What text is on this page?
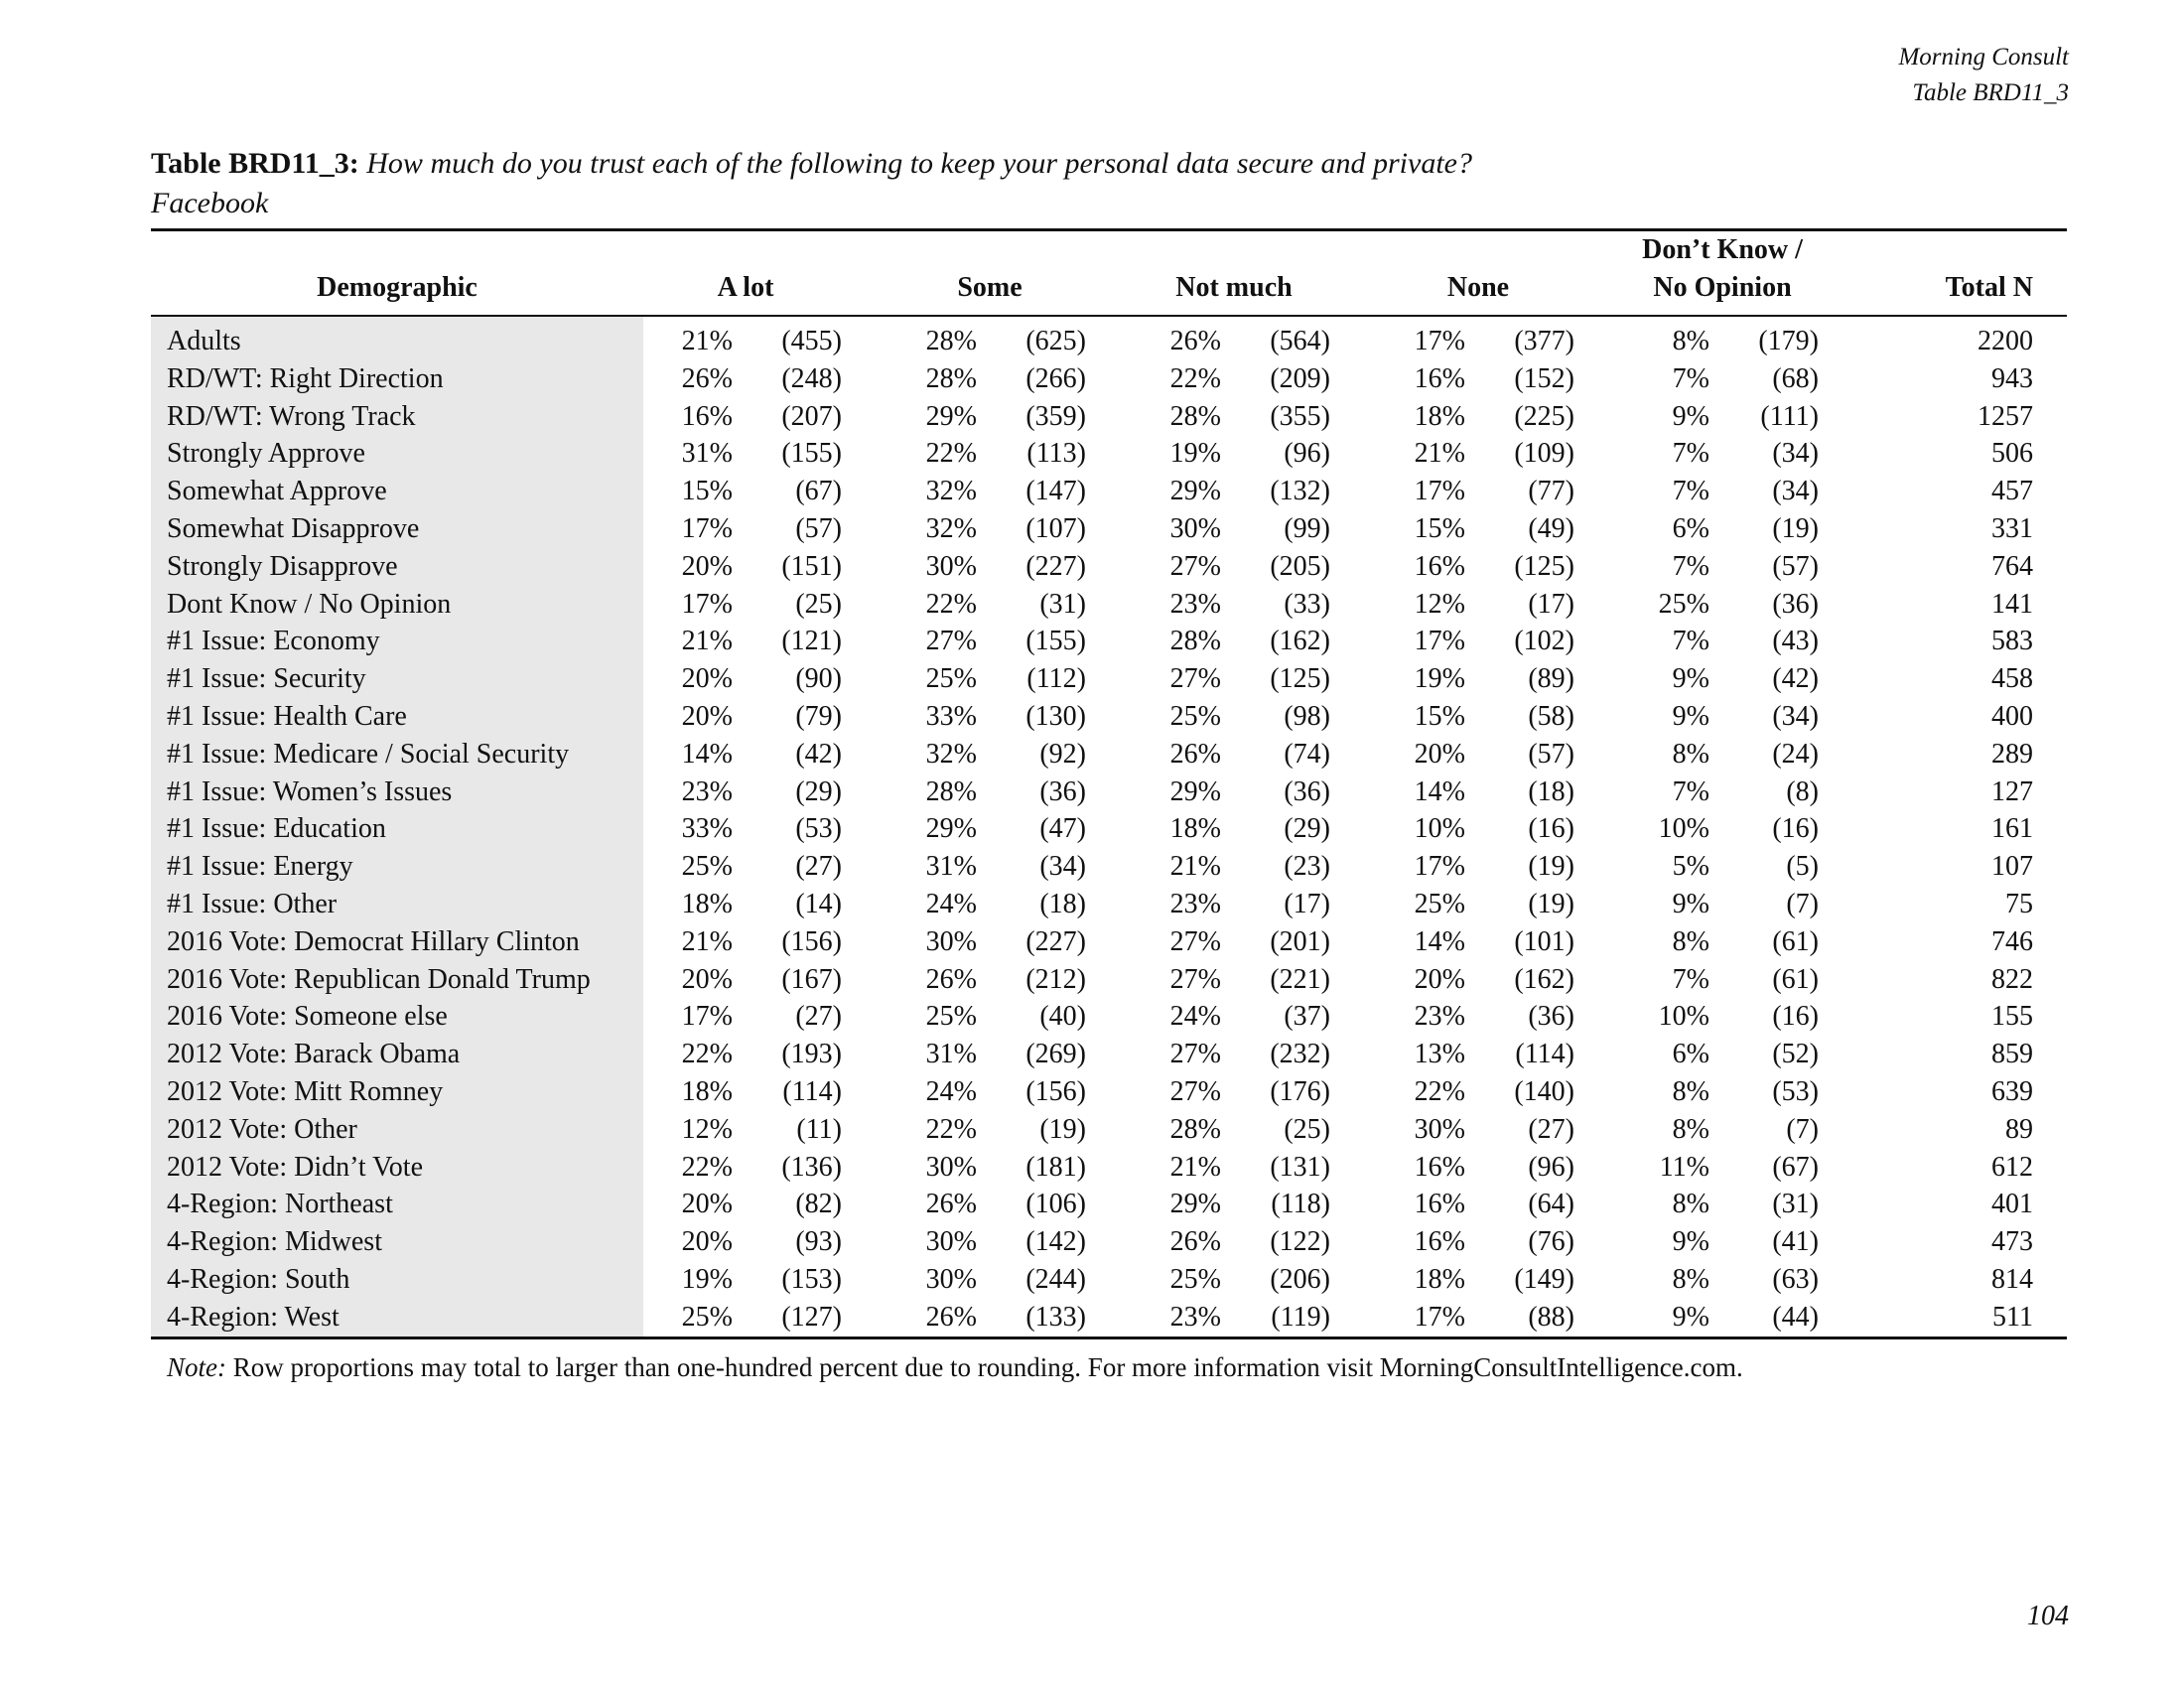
Morning Consult
Table BRD11_3
Table BRD11_3: How much do you trust each of the following to keep your personal data secure and private?
Facebook
Demographic	A lot			Some			Not much			None			Don’t Know /
No Opinion		Total N
Adults	21%	(455)		28%	(625)		26%	(564)		17%	(377)		8%	(179)	2200
RD/WT: Right Direction	26%	(248)		28%	(266)		22%	(209)		16%	(152)		7%	(68)	943
RD/WT: Wrong Track	16%	(207)		29%	(359)		28%	(355)		18%	(225)		9%	(111)	1257
Strongly Approve	31%	(155)		22%	(113)		19%	(96)		21%	(109)		7%	(34)	506
Somewhat Approve	15%	(67)		32%	(147)		29%	(132)		17%	(77)		7%	(34)	457
Somewhat Disapprove	17%	(57)		32%	(107)		30%	(99)		15%	(49)		6%	(19)	331
Strongly Disapprove	20%	(151)		30%	(227)		27%	(205)		16%	(125)		7%	(57)	764
Dont Know / No Opinion	17%	(25)		22%	(31)		23%	(33)		12%	(17)		25%	(36)	141
#1 Issue: Economy	21%	(121)		27%	(155)		28%	(162)		17%	(102)		7%	(43)	583
#1 Issue: Security	20%	(90)		25%	(112)		27%	(125)		19%	(89)		9%	(42)	458
#1 Issue: Health Care	20%	(79)		33%	(130)		25%	(98)		15%	(58)		9%	(34)	400
#1 Issue: Medicare / Social Security	14%	(42)		32%	(92)		26%	(74)		20%	(57)		8%	(24)	289
#1 Issue: Women’s Issues	23%	(29)		28%	(36)		29%	(36)		14%	(18)		7%	(8)	127
#1 Issue: Education	33%	(53)		29%	(47)		18%	(29)		10%	(16)		10%	(16)	161
#1 Issue: Energy	25%	(27)		31%	(34)		21%	(23)		17%	(19)		5%	(5)	107
#1 Issue: Other	18%	(14)		24%	(18)		23%	(17)		25%	(19)		9%	(7)	75
2016 Vote: Democrat Hillary Clinton	21%	(156)		30%	(227)		27%	(201)		14%	(101)		8%	(61)	746
2016 Vote: Republican Donald Trump	20%	(167)		26%	(212)		27%	(221)		20%	(162)		7%	(61)	822
2016 Vote: Someone else	17%	(27)		25%	(40)		24%	(37)		23%	(36)		10%	(16)	155
2012 Vote: Barack Obama	22%	(193)		31%	(269)		27%	(232)		13%	(114)		6%	(52)	859
2012 Vote: Mitt Romney	18%	(114)		24%	(156)		27%	(176)		22%	(140)		8%	(53)	639
2012 Vote: Other	12%	(11)		22%	(19)		28%	(25)		30%	(27)		8%	(7)	89
2012 Vote: Didn’t Vote	22%	(136)		30%	(181)		21%	(131)		16%	(96)		11%	(67)	612
4-Region: Northeast	20%	(82)		26%	(106)		29%	(118)		16%	(64)		8%	(31)	401
4-Region: Midwest	20%	(93)		30%	(142)		26%	(122)		16%	(76)		9%	(41)	473
4-Region: South	19%	(153)		30%	(244)		25%	(206)		18%	(149)		8%	(63)	814
4-Region: West	25%	(127)		26%	(133)		23%	(119)		17%	(88)		9%	(44)	511
Note: Row proportions may total to larger than one-hundred percent due to rounding. For more information visit MorningConsultIntelligence.com.
104
